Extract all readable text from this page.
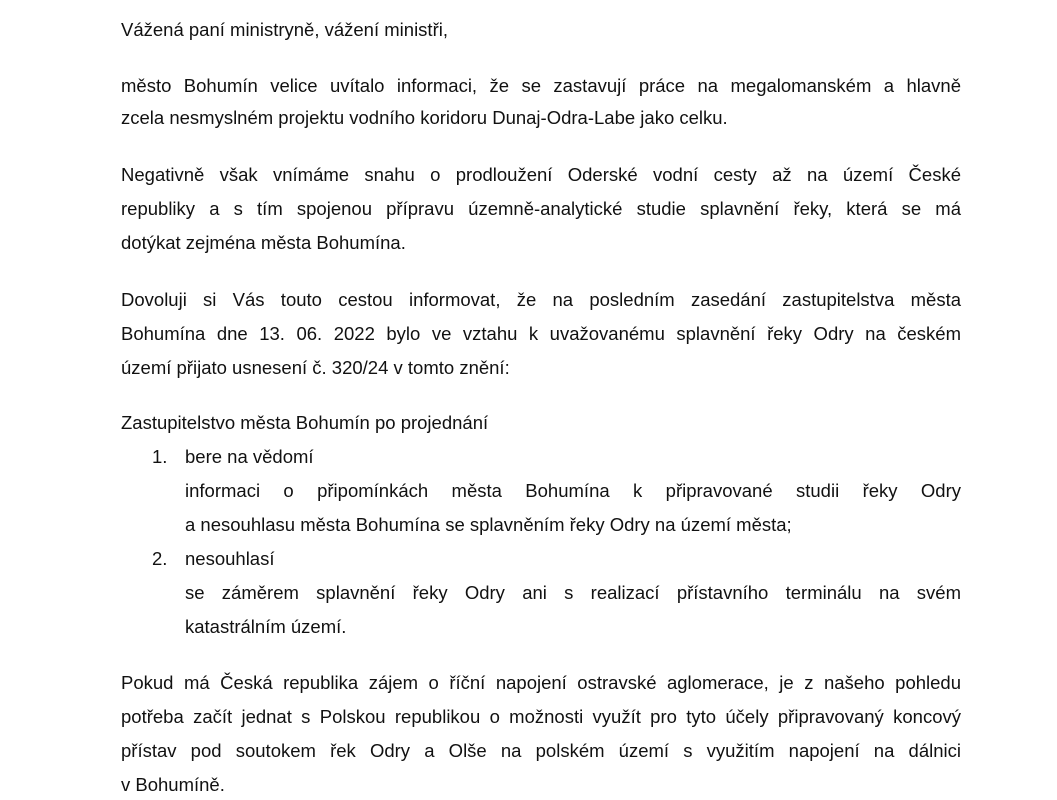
Vážená paní ministryně, vážení ministři,
město Bohumín velice uvítalo informaci, že se zastavují práce na megalomanském a hlavně
zcela nesmyslném projektu vodního koridoru Dunaj-Odra-Labe jako celku.
Negativně však vnímáme snahu o prodloužení Oderské vodní cesty až na území České
republiky a s tím spojenou přípravu územně-analytické studie splavnění řeky, která se má
dotýkat zejména města Bohumína.
Dovoluji si Vás touto cestou informovat, že na posledním zasedání zastupitelstva města
Bohumína dne 13. 06. 2022 bylo ve vztahu k uvažovanému splavnění řeky Odry na českém
území přijato usnesení č. 320/24 v tomto znění:
Zastupitelstvo města Bohumín po projednání
1. bere na vědomí
informaci o připomínkách města Bohumína k připravované studii řeky Odry
a nesouhlasu města Bohumína se splavněním řeky Odry na území města;
2. nesouhlasí
se záměrem splavnění řeky Odry ani s realizací přístavního terminálu na svém
katastrálním území.
Pokud má Česká republika zájem o říční napojení ostravské aglomerace, je z našeho pohledu
potřeba začít jednat s Polskou republikou o možnosti využít pro tyto účely připravovaný koncový
přístav pod soutokem řek Odry a Olše na polském území s využitím napojení na dálnici
v Bohumíně.
